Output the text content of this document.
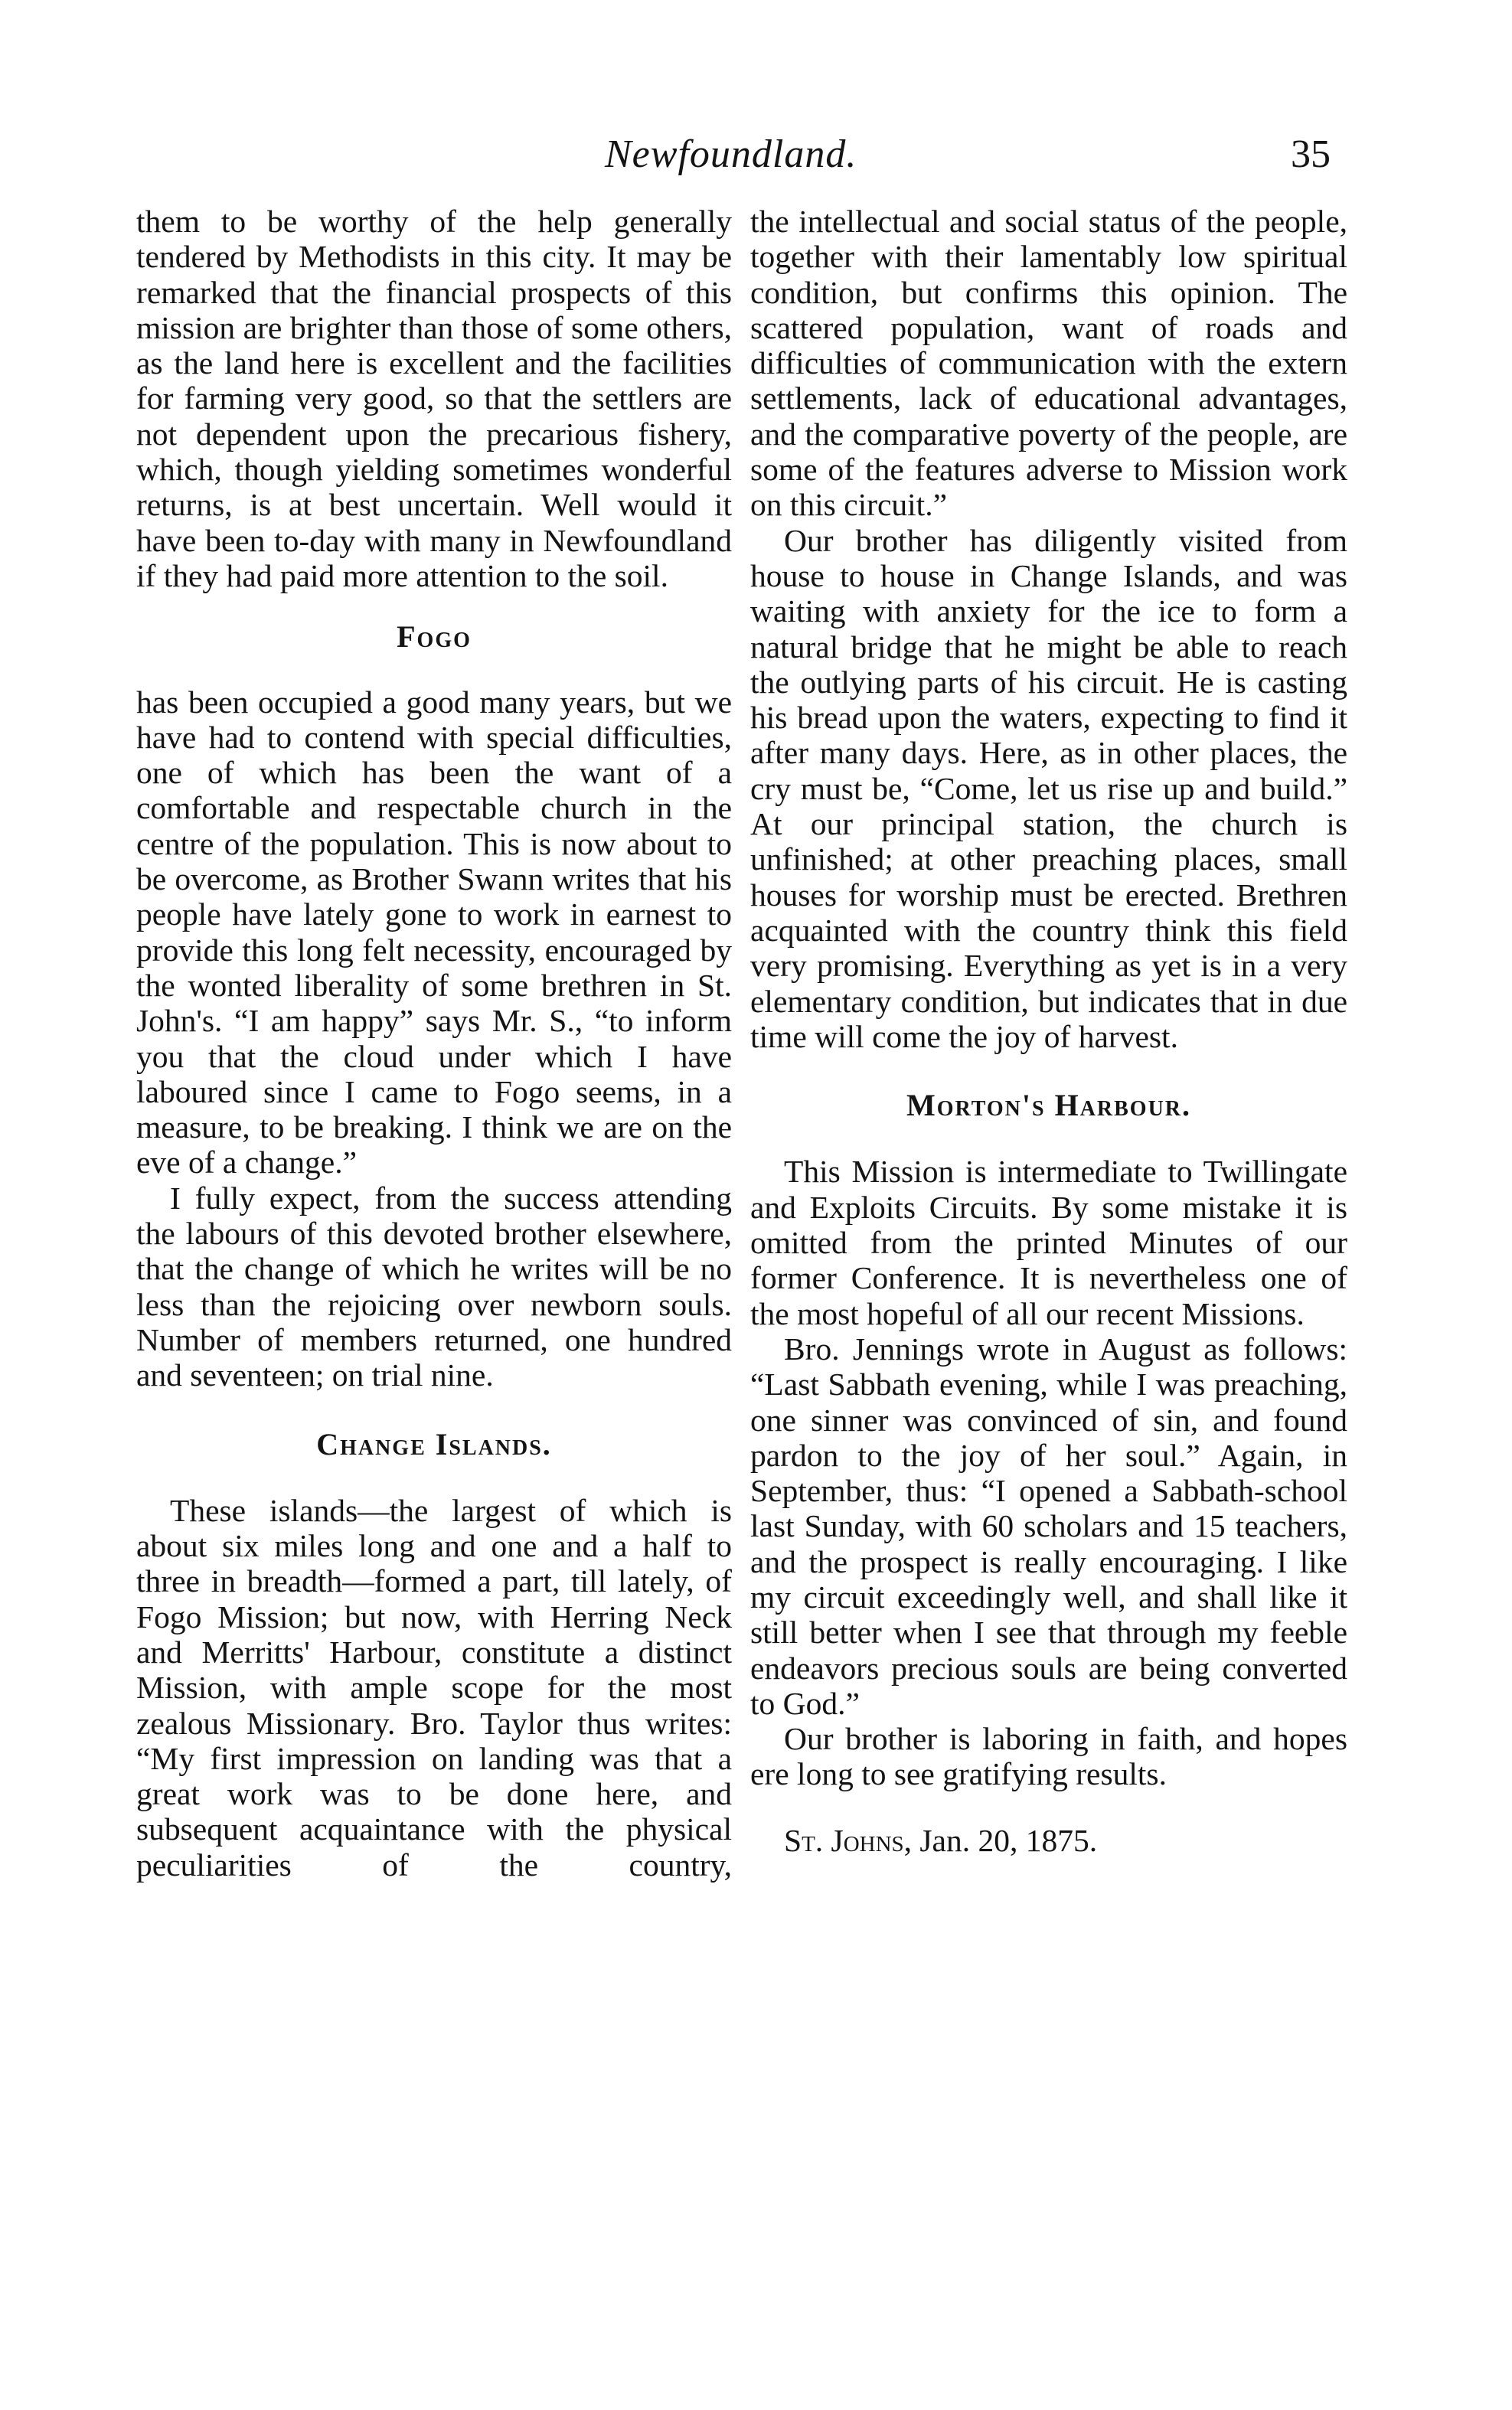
Newfoundland.	35

them to be worthy of the help generally tendered by Methodists in this city. It may be remarked that the financial prospects of this mission are brighter than those of some others, as the land here is excellent and the facilities for farming very good, so that the settlers are not dependent upon the precarious fishery, which, though yielding sometimes wonderful returns, is at best uncertain. Well would it have been to-day with many in Newfoundland if they had paid more attention to the soil.

Fogo

has been occupied a good many years, but we have had to contend with special difficulties, one of which has been the want of a comfortable and respectable church in the centre of the population. This is now about to be overcome, as Brother Swann writes that his people have lately gone to work in earnest to provide this long felt necessity, encouraged by the wonted liberality of some brethren in St. John's. “I am happy” says Mr. S., “to inform you that the cloud under which I have laboured since I came to Fogo seems, in a measure, to be breaking. I think we are on the eve of a change.”

I fully expect, from the success attending the labours of this devoted brother elsewhere, that the change of which he writes will be no less than the rejoicing over newborn souls. Number of members returned, one hundred and seventeen; on trial nine.

Change Islands.

These islands—the largest of which is about six miles long and one and a half to three in breadth—formed a part, till lately, of Fogo Mission; but now, with Herring Neck and Merritts' Harbour, constitute a distinct Mission, with ample scope for the most zealous Missionary. Bro. Taylor thus writes: “My first impression on landing was that a great work was to be done here, and subsequent acquaintance with the physical peculiarities of the country,

the intellectual and social status of the people, together with their lamentably low spiritual condition, but confirms this opinion. The scattered population, want of roads and difficulties of communication with the extern settlements, lack of educational advantages, and the comparative poverty of the people, are some of the features adverse to Mission work on this circuit.”

Our brother has diligently visited from house to house in Change Islands, and was waiting with anxiety for the ice to form a natural bridge that he might be able to reach the outlying parts of his circuit. He is casting his bread upon the waters, expecting to find it after many days. Here, as in other places, the cry must be, “Come, let us rise up and build.” At our principal station, the church is unfinished; at other preaching places, small houses for worship must be erected. Brethren acquainted with the country think this field very promising. Everything as yet is in a very elementary condition, but indicates that in due time will come the joy of harvest.

Morton's Harbour.

This Mission is intermediate to Twillingate and Exploits Circuits. By some mistake it is omitted from the printed Minutes of our former Conference. It is nevertheless one of the most hopeful of all our recent Missions.

Bro. Jennings wrote in August as follows: “Last Sabbath evening, while I was preaching, one sinner was convinced of sin, and found pardon to the joy of her soul.” Again, in September, thus: “I opened a Sabbath-school last Sunday, with 60 scholars and 15 teachers, and the prospect is really encouraging. I like my circuit exceedingly well, and shall like it still better when I see that through my feeble endeavors precious souls are being converted to God.”

Our brother is laboring in faith, and hopes ere long to see gratifying results.

St. Johns, Jan. 20, 1875.
